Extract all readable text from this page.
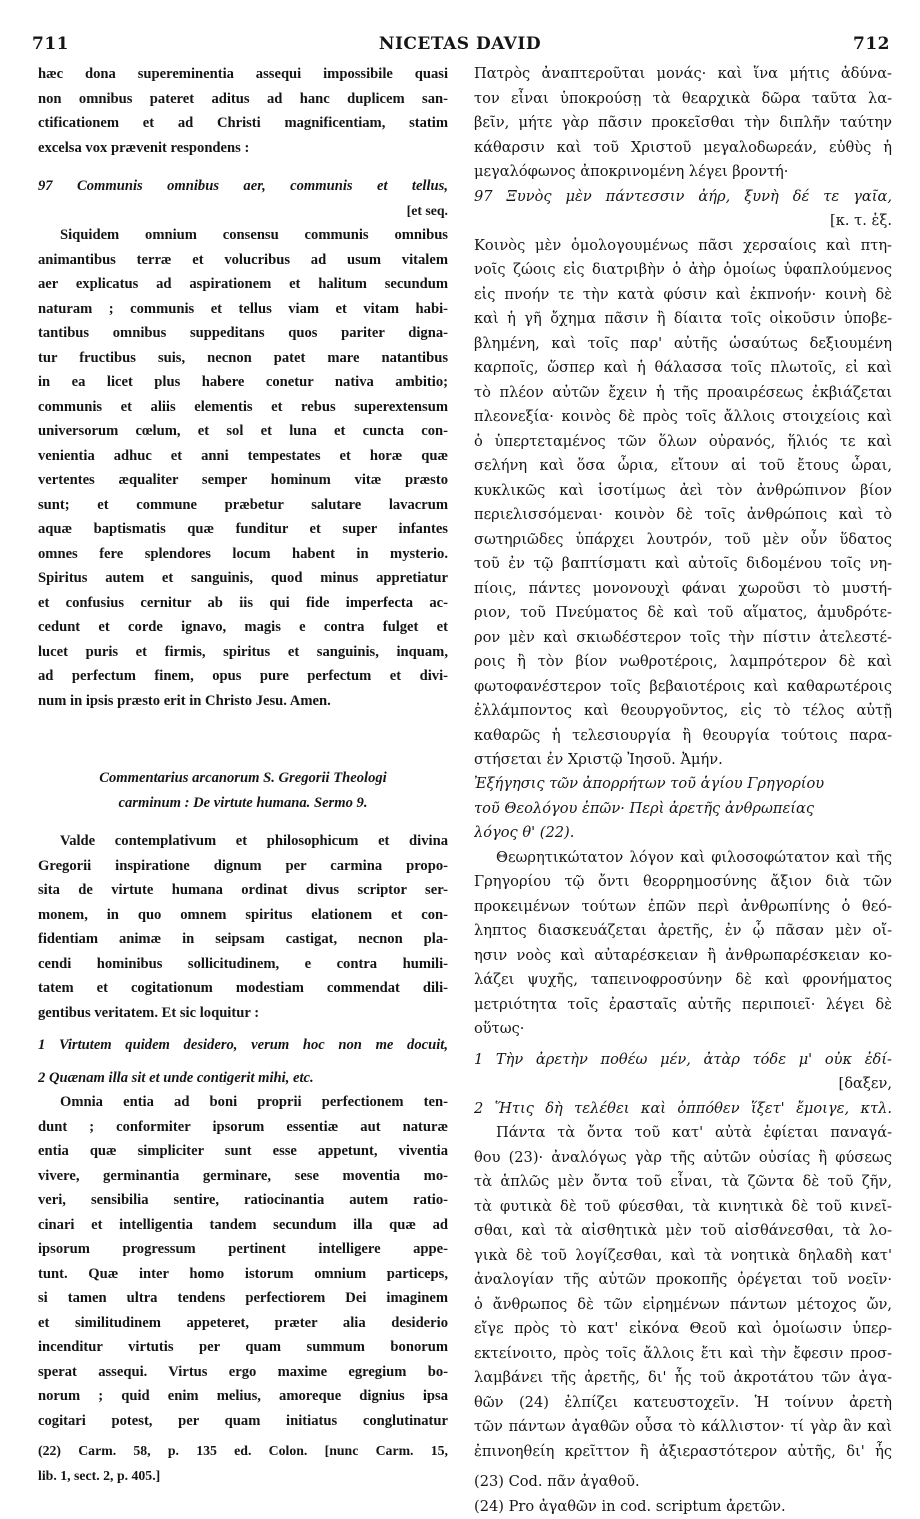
711	NICETAS DAVID	712
hæc dona supereminentia assequi impossibile quasi
non omnibus pateret aditus ad hanc duplicem san-
ctificationem et ad Christi magnificentiam, statim
excelsa vox prævenit respondens :
97 Communis omnibus aer, communis et tellus,
[et seq.
Siquidem omnium consensu communis omnibus
animantibus terræ et volucribus ad usum vitalem
aer explicatus ad aspirationem et halitum secundum
naturam ; communis et tellus viam et vitam habi-
tantibus omnibus suppeditans quos pariter digna-
tur fructibus suis, necnon patet mare natantibus
in ea licet plus habere conetur nativa ambitio;
communis et aliis elementis et rebus superextensum
universorum cœlum, et sol et luna et cuncta con-
venientia adhuc et anni tempestates et horæ quæ
vertentes æqualiter semper hominum vitæ præsto
sunt; et commune præbetur salutare lavacrum
aquæ baptismatis quæ funditur et super infantes
omnes fere splendores locum habent in mysterio.
Spiritus autem et sanguinis, quod minus appretiatur
et confusius cernitur ab iis qui fide imperfecta ac-
cedunt et corde ignavo, magis e contra fulget et
lucet puris et firmis, spiritus et sanguinis, inquam,
ad perfectum finem, opus pure perfectum et divi-
num in ipsis præsto erit in Christo Jesu. Amen.
Πατρὸς ἀναπτεροῦται μονάς· καὶ ἵνα μήτις ἀδύνα-
τον εἶναι ὑποκρούσῃ τὰ θεαρχικὰ δῶρα ταῦτα λα-
βεῖν, μήτε γὰρ πᾶσιν προκεῖσθαι τὴν διπλῆν ταύτην
κάθαρσιν καὶ τοῦ Χριστοῦ μεγαλοδωρεάν, εὐθὺς ἡ
μεγαλόφωνος ἀποκρινομένη λέγει βροντή·
97 Ξυνὸς μὲν πάντεσσιν ἀήρ, ξυνὴ δέ τε γαῖα,
[κ. τ. ἑξ.
Κοινὸς μὲν ὁμολογουμένως πᾶσι χερσαίοις καὶ πτη-
νοῖς ζώοις εἰς διατριβὴν ὁ ἀὴρ ὁμοίως ὑφαπλούμενος
εἰς πνοήν τε τὴν κατὰ φύσιν καὶ ἐκπνοήν· κοινὴ δὲ
καὶ ἡ γῆ ὄχημα πᾶσιν ἢ δίαιτα τοῖς οἰκοῦσιν ὑποβε-
βλημένη, καὶ τοῖς παρ' αὐτῆς ὡσαύτως δεξιουμένη
καρποῖς, ὥσπερ καὶ ἡ θάλασσα τοῖς πλωτοῖς, εἰ καὶ
τὸ πλέον αὐτῶν ἔχειν ἡ τῆς προαιρέσεως ἐκβιάζεται
πλεονεξία· κοινὸς δὲ πρὸς τοῖς ἄλλοις στοιχείοις καὶ
ὁ ὑπερτεταμένος τῶν ὅλων οὐρανός, ἥλιός τε καὶ
σελήνη καὶ ὅσα ὧρια, εἴτουν αἱ τοῦ ἔτους ὧραι,
κυκλικῶς καὶ ἰσοτίμως ἀεὶ τὸν ἀνθρώπινον βίον
περιελισσόμεναι· κοινὸν δὲ τοῖς ἀνθρώποις καὶ τὸ
σωτηριῶδες ὑπάρχει λουτρόν, τοῦ μὲν οὖν ὕδατος
τοῦ ἐν τῷ βαπτίσματι καὶ αὐτοῖς διδομένου τοῖς νη-
πίοις, πάντες μονονουχὶ φάναι χωροῦσι τὸ μυστή-
ριον, τοῦ Πνεύματος δὲ καὶ τοῦ αἵματος, ἀμυδρότε-
ρον μὲν καὶ σκιωδέστερον τοῖς τὴν πίστιν ἀτελεστέ-
ροις ἢ τὸν βίον νωθροτέροις, λαμπρότερον δὲ καὶ
φωτοφανέστερον τοῖς βεβαιοτέροις καὶ καθαρωτέροις
ἐλλάμποντος καὶ θεουργοῦντος, εἰς τὸ τέλος αὐτῇ
καθαρῶς ἡ τελεσιουργία ἢ θεουργία τούτοις παρα-
στήσεται ἐν Χριστῷ Ἰησοῦ. Ἀμήν.
Commentarius arcanorum S. Gregorii Theologi
carminum : De virtute humana. Sermo 9.
Valde contemplativum et philosophicum et divina
Gregorii inspiratione dignum per carmina propo-
sita de virtute humana ordinat divus scriptor ser-
monem, in quo omnem spiritus elationem et con-
fidentiam animæ in seipsam castigat, necnon pla-
cendi hominibus sollicitudinem, e contra humili-
tatem et cogitationum modestiam commendat dili-
gentibus veritatem. Et sic loquitur :
1 Virtutem quidem desidero, verum hoc non me docuit,
2 Quænam illa sit et unde contigerit mihi, etc.
Omnia entia ad boni proprii perfectionem ten-
dunt ; conformiter ipsorum essentiæ aut naturæ
entia quæ simpliciter sunt esse appetunt, viventia
vivere, germinantia germinare, sese moventia mo-
veri, sensibilia sentire, ratiocinantia autem ratio-
cinari et intelligentia tandem secundum illa quæ ad
ipsorum progressum pertinent intelligere appe-
tunt. Quæ inter homo istorum omnium particeps,
si tamen ultra tendens perfectiorem Dei imaginem
et similitudinem appeteret, præter alia desiderio
incenditur virtutis per quam summum bonorum
sperat assequi. Virtus ergo maxime egregium bo-
norum ; quid enim melius, amoreque dignius ipsa
cogitari potest, per quam initiatus conglutinatur
(22) Carm. 58, p. 135 ed. Colon. [nunc Carm. 15,
lib. 1, sect. 2, p. 405.]
Ἐξήγησις τῶν ἀπορρήτων τοῦ ἁγίου Γρηγορίου
τοῦ Θεολόγου ἐπῶν· Περὶ ἀρετῆς ἀνθρωπείας
λόγος θ' (22).
Θεωρητικώτατον λόγον καὶ φιλοσοφώτατον καὶ τῆς
Γρηγορίου τῷ ὄντι θεορρημοσύνης ἄξιον διὰ τῶν
προκειμένων τούτων ἐπῶν περὶ ἀνθρωπίνης ὁ θεό-
ληπτος διασκευάζεται ἀρετῆς, ἐν ᾧ πᾶσαν μὲν οἴ-
ησιν νοὸς καὶ αὐταρέσκειαν ἢ ἀνθρωπαρέσκειαν κο-
λάζει ψυχῆς, ταπεινοφροσύνην δὲ καὶ φρονήματος
μετριότητα τοῖς ἐρασταῖς αὐτῆς περιποιεῖ· λέγει δὲ
οὕτως·
1 Τὴν ἀρετὴν ποθέω μέν, ἀτὰρ τόδε μ' οὐκ ἐδί-
[δαξεν,
2 Ἥτις δὴ τελέθει καὶ ὁππόθεν ἵξετ' ἔμοιγε, κτλ.
Πάντα τὰ ὄντα τοῦ κατ' αὐτὰ ἐφίεται παναγά-
θου (23)· ἀναλόγως γὰρ τῆς αὐτῶν οὐσίας ἢ φύσεως
τὰ ἁπλῶς μὲν ὄντα τοῦ εἶναι, τὰ ζῶντα δὲ τοῦ ζῆν,
τὰ φυτικὰ δὲ τοῦ φύεσθαι, τὰ κινητικὰ δὲ τοῦ κινεῖ-
σθαι, καὶ τὰ αἰσθητικὰ μὲν τοῦ αἰσθάνεσθαι, τὰ λο-
γικὰ δὲ τοῦ λογίζεσθαι, καὶ τὰ νοητικὰ δηλαδὴ κατ'
ἀναλογίαν τῆς αὐτῶν προκοπῆς ὀρέγεται τοῦ νοεῖν·
ὁ ἄνθρωπος δὲ τῶν εἰρημένων πάντων μέτοχος ὤν,
εἴγε πρὸς τὸ κατ' εἰκόνα Θεοῦ καὶ ὁμοίωσιν ὑπερ-
εκτείνοιτο, πρὸς τοῖς ἄλλοις ἔτι καὶ τὴν ἔφεσιν προσ-
λαμβάνει τῆς ἀρετῆς, δι' ἧς τοῦ ἀκροτάτου τῶν ἀγα-
θῶν (24) ἐλπίζει κατευστοχεῖν. Ἡ τοίνυν ἀρετὴ
τῶν πάντων ἀγαθῶν οὖσα τὸ κάλλιστον· τί γὰρ ἂν καὶ
ἐπινοηθείη κρεῖττον ἢ ἀξιεραστότερον αὐτῆς, δι' ἧς
(23) Cod. πᾶν ἀγαθοῦ.
(24) Pro ἀγαθῶν in cod. scriptum ἀρετῶν.
